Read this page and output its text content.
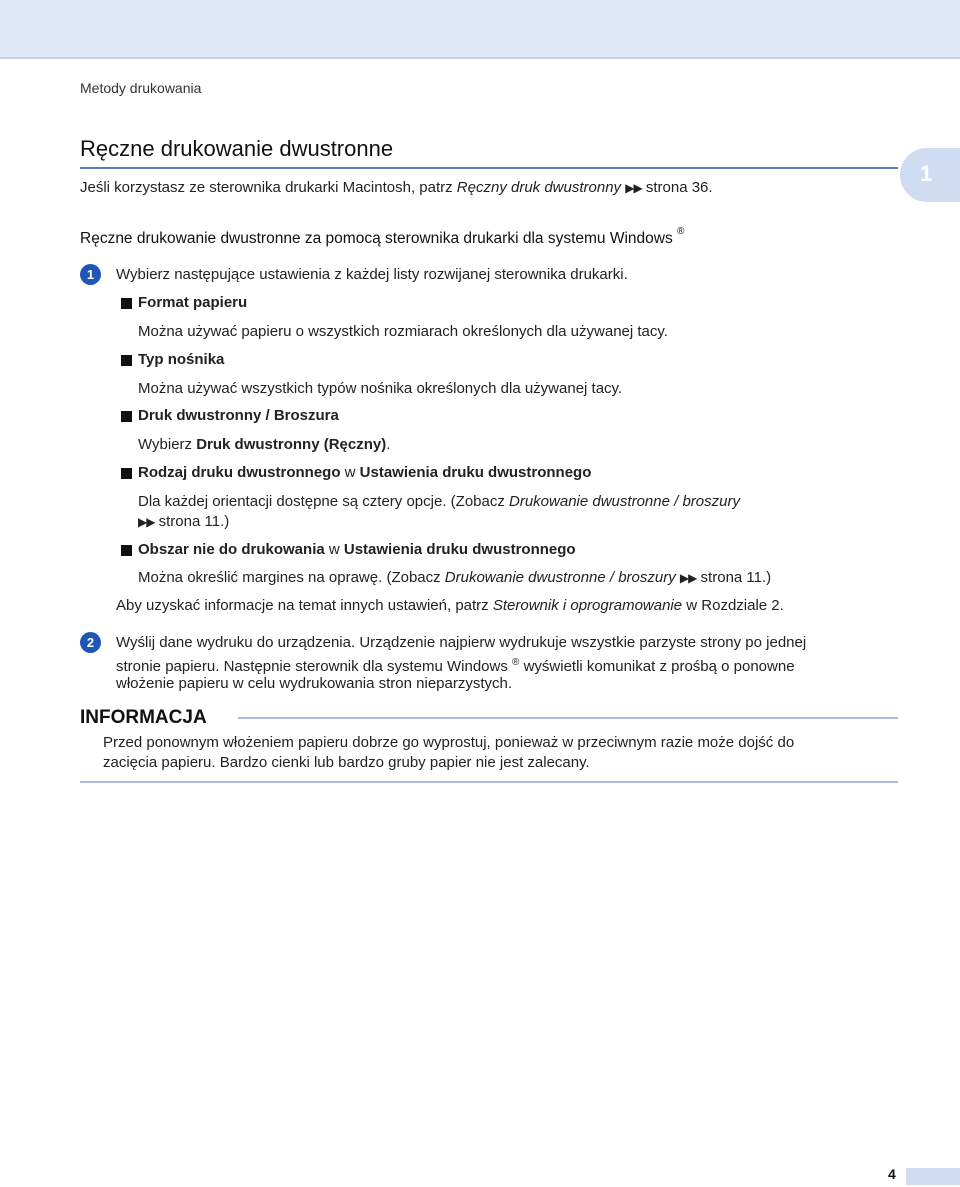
Metody drukowania
1
Ręczne drukowanie dwustronne
Jeśli korzystasz ze sterownika drukarki Macintosh, patrz Ręczny druk dwustronny ▶▶ strona 36.
Ręczne drukowanie dwustronne za pomocą sterownika drukarki dla systemu Windows ®
1	Wybierz następujące ustawienia z każdej listy rozwijanej sterownika drukarki.
Format papieru
Można używać papieru o wszystkich rozmiarach określonych dla używanej tacy.
Typ nośnika
Można używać wszystkich typów nośnika określonych dla używanej tacy.
Druk dwustronny / Broszura
Wybierz Druk dwustronny (Ręczny).
Rodzaj druku dwustronnego w Ustawienia druku dwustronnego
Dla każdej orientacji dostępne są cztery opcje. (Zobacz Drukowanie dwustronne / broszury
▶▶ strona 11.)
Obszar nie do drukowania w Ustawienia druku dwustronnego
Można określić margines na oprawę. (Zobacz Drukowanie dwustronne / broszury ▶▶ strona 11.)
Aby uzyskać informacje na temat innych ustawień, patrz Sterownik i oprogramowanie w Rozdziale 2.
2	Wyślij dane wydruku do urządzenia. Urządzenie najpierw wydrukuje wszystkie parzyste strony po jednej
stronie papieru. Następnie sterownik dla systemu Windows ® wyświetli komunikat z prośbą o ponowne
włożenie papieru w celu wydrukowania stron nieparzystych.
INFORMACJA
Przed ponownym włożeniem papieru dobrze go wyprostuj, ponieważ w przeciwnym razie może dojść do
zacięcia papieru. Bardzo cienki lub bardzo gruby papier nie jest zalecany.
4
